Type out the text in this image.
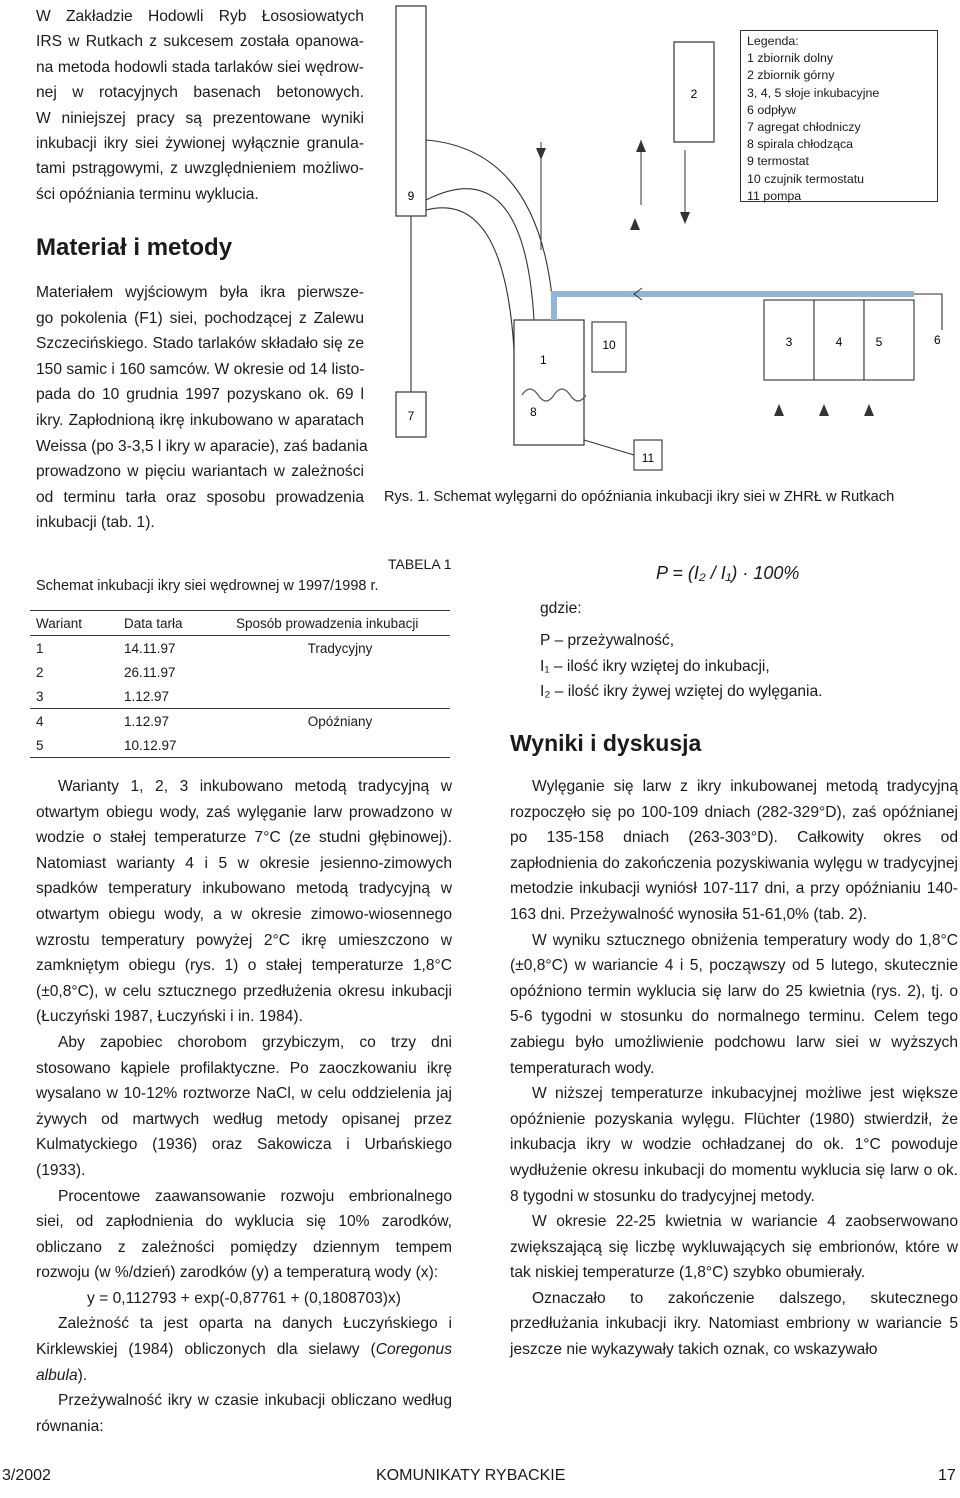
W Zakładzie Hodowli Ryb Łososiowatych
IRS w Rutkach z sukcesem została opanowa-
na metoda hodowli stada tarlaków siei wędrow-
nej w rotacyjnych basenach betonowych.
W niniejszej pracy są prezentowane wyniki
inkubacji ikry siei żywionej wyłącznie granula-
tami pstrągowymi, z uwzględnieniem możliwo-
ści opóźniania terminu wyklucia.
Materiał i metody
Materiałem wyjściowym była ikra pierwsze-
go pokolenia (F1) siei, pochodzącej z Zalewu
Szczecińskiego. Stado tarlaków składało się ze
150 samic i 160 samców. W okresie od 14 listo-
pada do 10 grudnia 1997 pozyskano ok. 69 l
ikry. Zapłodnioną ikrę inkubowano w aparatach
Weissa (po 3-3,5 l ikry w aparacie), zaś badania
prowadzono w pięciu wariantach w zależności
od terminu tarła oraz sposobu prowadzenia
inkubacji (tab. 1).
2
9
7
1
8
10	3	4	5	6
11
Legenda:
1 zbiornik dolny
2 zbiornik górny
3, 4, 5 słoje inkubacyjne
6 odpływ
7 agregat chłodniczy
8 spirala chłodząca
9 termostat
10 czujnik termostatu
11 pompa
Rys. 1. Schemat wylęgarni do opóźniania inkubacji ikry siei w ZHRŁ w Rutkach
TABELA 1
Schemat inkubacji ikry siei wędrownej w 1997/1998 r.
Wariant	Data tarła	Sposób prowadzenia inkubacji
1	14.11.97	Tradycyjny
2	26.11.97	
3	1.12.97	
4	1.12.97	Opóźniany
5	10.12.97	
P = (I₂ / I₁) · 100%
gdzie:
P – przeżywalność,
I₁ – ilość ikry wziętej do inkubacji,
I₂ – ilość ikry żywej wziętej do wylęgania.
Wyniki i dyskusja

Warianty 1, 2, 3 inkubowano metodą tradycyjną w otwartym obiegu wody, zaś wylęganie larw prowadzono w wodzie o stałej temperaturze 7°C (ze studni głębinowej). Natomiast warianty 4 i 5 w okresie jesienno-zimowych spadków temperatury inkubowano metodą tradycyjną w otwartym obiegu wody, a w okresie zimowo-wiosennego wzrostu temperatury powyżej 2°C ikrę umieszczono w zamkniętym obiegu (rys. 1) o stałej temperaturze 1,8°C (±0,8°C), w celu sztucznego przedłużenia okresu inkubacji (Łuczyński 1987, Łuczyński i in. 1984).

Aby zapobiec chorobom grzybiczym, co trzy dni stosowano kąpiele profilaktyczne. Po zaoczkowaniu ikrę wysalano w 10-12% roztworze NaCl, w celu oddzielenia jaj żywych od martwych według metody opisanej przez Kulmatyckiego (1936) oraz Sakowicza i Urbańskiego (1933).

Procentowe zaawansowanie rozwoju embrionalnego siei, od zapłodnienia do wyklucia się 10% zarodków, obliczano z zależności pomiędzy dziennym tempem rozwoju (w %/dzień) zarodków (y) a temperaturą wody (x):

y = 0,112793 + exp(-0,87761 + (0,1808703)x)

Zależność ta jest oparta na danych Łuczyńskiego i Kirklewskiej (1984) obliczonych dla sielawy (Coregonus albula).

Przeżywalność ikry w czasie inkubacji obliczano według równania:

Wylęganie się larw z ikry inkubowanej metodą tradycyjną rozpoczęło się po 100-109 dniach (282-329°D), zaś opóźnianej po 135-158 dniach (263-303°D). Całkowity okres od zapłodnienia do zakończenia pozyskiwania wylęgu w tradycyjnej metodzie inkubacji wyniósł 107-117 dni, a przy opóźnianiu 140-163 dni. Przeżywalność wynosiła 51-61,0% (tab. 2).

W wyniku sztucznego obniżenia temperatury wody do 1,8°C (±0,8°C) w wariancie 4 i 5, począwszy od 5 lutego, skutecznie opóźniono termin wyklucia się larw do 25 kwietnia (rys. 2), tj. o 5-6 tygodni w stosunku do normalnego terminu. Celem tego zabiegu było umożliwienie podchowu larw siei w wyższych temperaturach wody.

W niższej temperaturze inkubacyjnej możliwe jest większe opóźnienie pozyskania wylęgu. Flüchter (1980) stwierdził, że inkubacja ikry w wodzie ochładzanej do ok. 1°C powoduje wydłużenie okresu inkubacji do momentu wyklucia się larw o ok. 8 tygodni w stosunku do tradycyjnej metody.

W okresie 22-25 kwietnia w wariancie 4 zaobserwowano zwiększającą się liczbę wykluwających się embrionów, które w tak niskiej temperaturze (1,8°C) szybko obumierały.

Oznaczało to zakończenie dalszego, skutecznego przedłużania inkubacji ikry. Natomiast embriony w wariancie 5 jeszcze nie wykazywały takich oznak, co wskazywało

3/2002	KOMUNIKATY RYBACKIE	17
